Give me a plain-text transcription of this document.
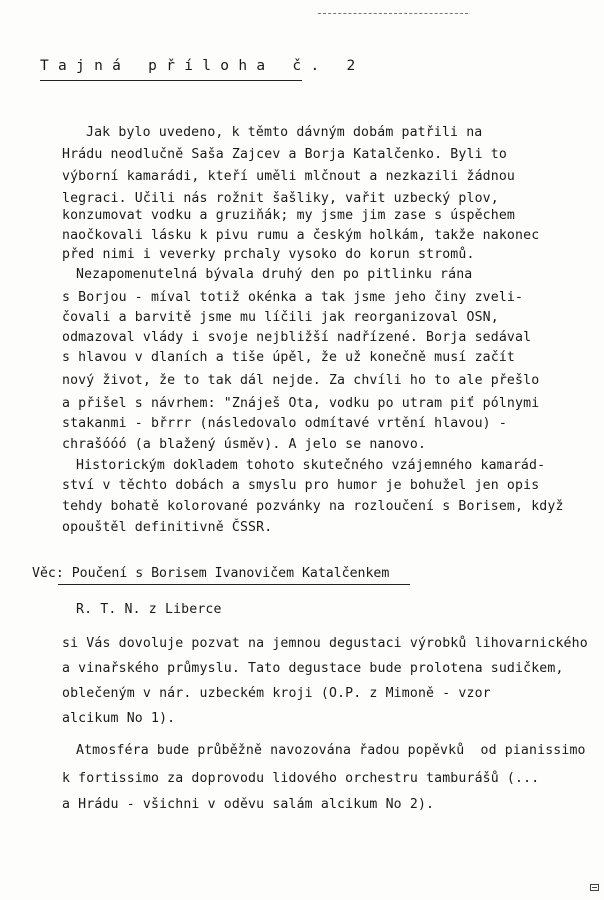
Tajná příloha č. 2
Jak bylo uvedeno, k těmto dávným dobám patřili na
Hrádu neodlučně Saša Zajcev a Borja Katalčenko. Byli to
výborní kamarádi, kteří uměli mlčnout a nezkazili žádnou
legraci. Učili nás rožnit šašliky, vařit uzbecký plov,
konzumovat vodku a gruziňák; my jsme jim zase s úspěchem
naočkovali lásku k pivu rumu a českým holkám, takže nakonec
před nimi i veverky prchaly vysoko do korun stromů.
Nezapomenutelná bývala druhý den po pitlinku rána
s Borjou - míval totiž okénka a tak jsme jeho činy zveli-
čovali a barvitě jsme mu líčili jak reorganizoval OSN,
odmazoval vlády i svoje nejbližší nadřízené. Borja sedával
s hlavou v dlaních a tiše úpěl, že už konečně musí začít
nový život, že to tak dál nejde. Za chvíli ho to ale přešlo
a přišel s návrhem: "Znáješ Ota, vodku po utram piť pólnymi
stakanmi - břrrr (následovalo odmítavé vrtění hlavou) -
chrašóóó (a blažený úsměv). A jelo se nanovo.
Historickým dokladem tohoto skutečného vzájemného kamarád-
ství v těchto dobách a smyslu pro humor je bohužel jen opis
tehdy bohatě kolorované pozvánky na rozloučení s Borisem, když
opouštěl definitivně ČSSR.
Věc: Poučení s Borisem Ivanovičem Katalčenkem
R. T. N. z Liberce
si Vás dovoluje pozvat na jemnou degustaci výrobků lihovarnického
a vinařského průmyslu. Tato degustace bude prolotena sudičkem,
oblečeným v nár. uzbeckém kroji (O.P. z Mimoně - vzor
alcikum No 1).
Atmosféra bude průběžně navozována řadou popěvků  od pianissimo
k fortissimo za doprovodu lidového orchestru tamburášů (...
a Hrádu - všichni v oděvu salám alcikum No 2).
